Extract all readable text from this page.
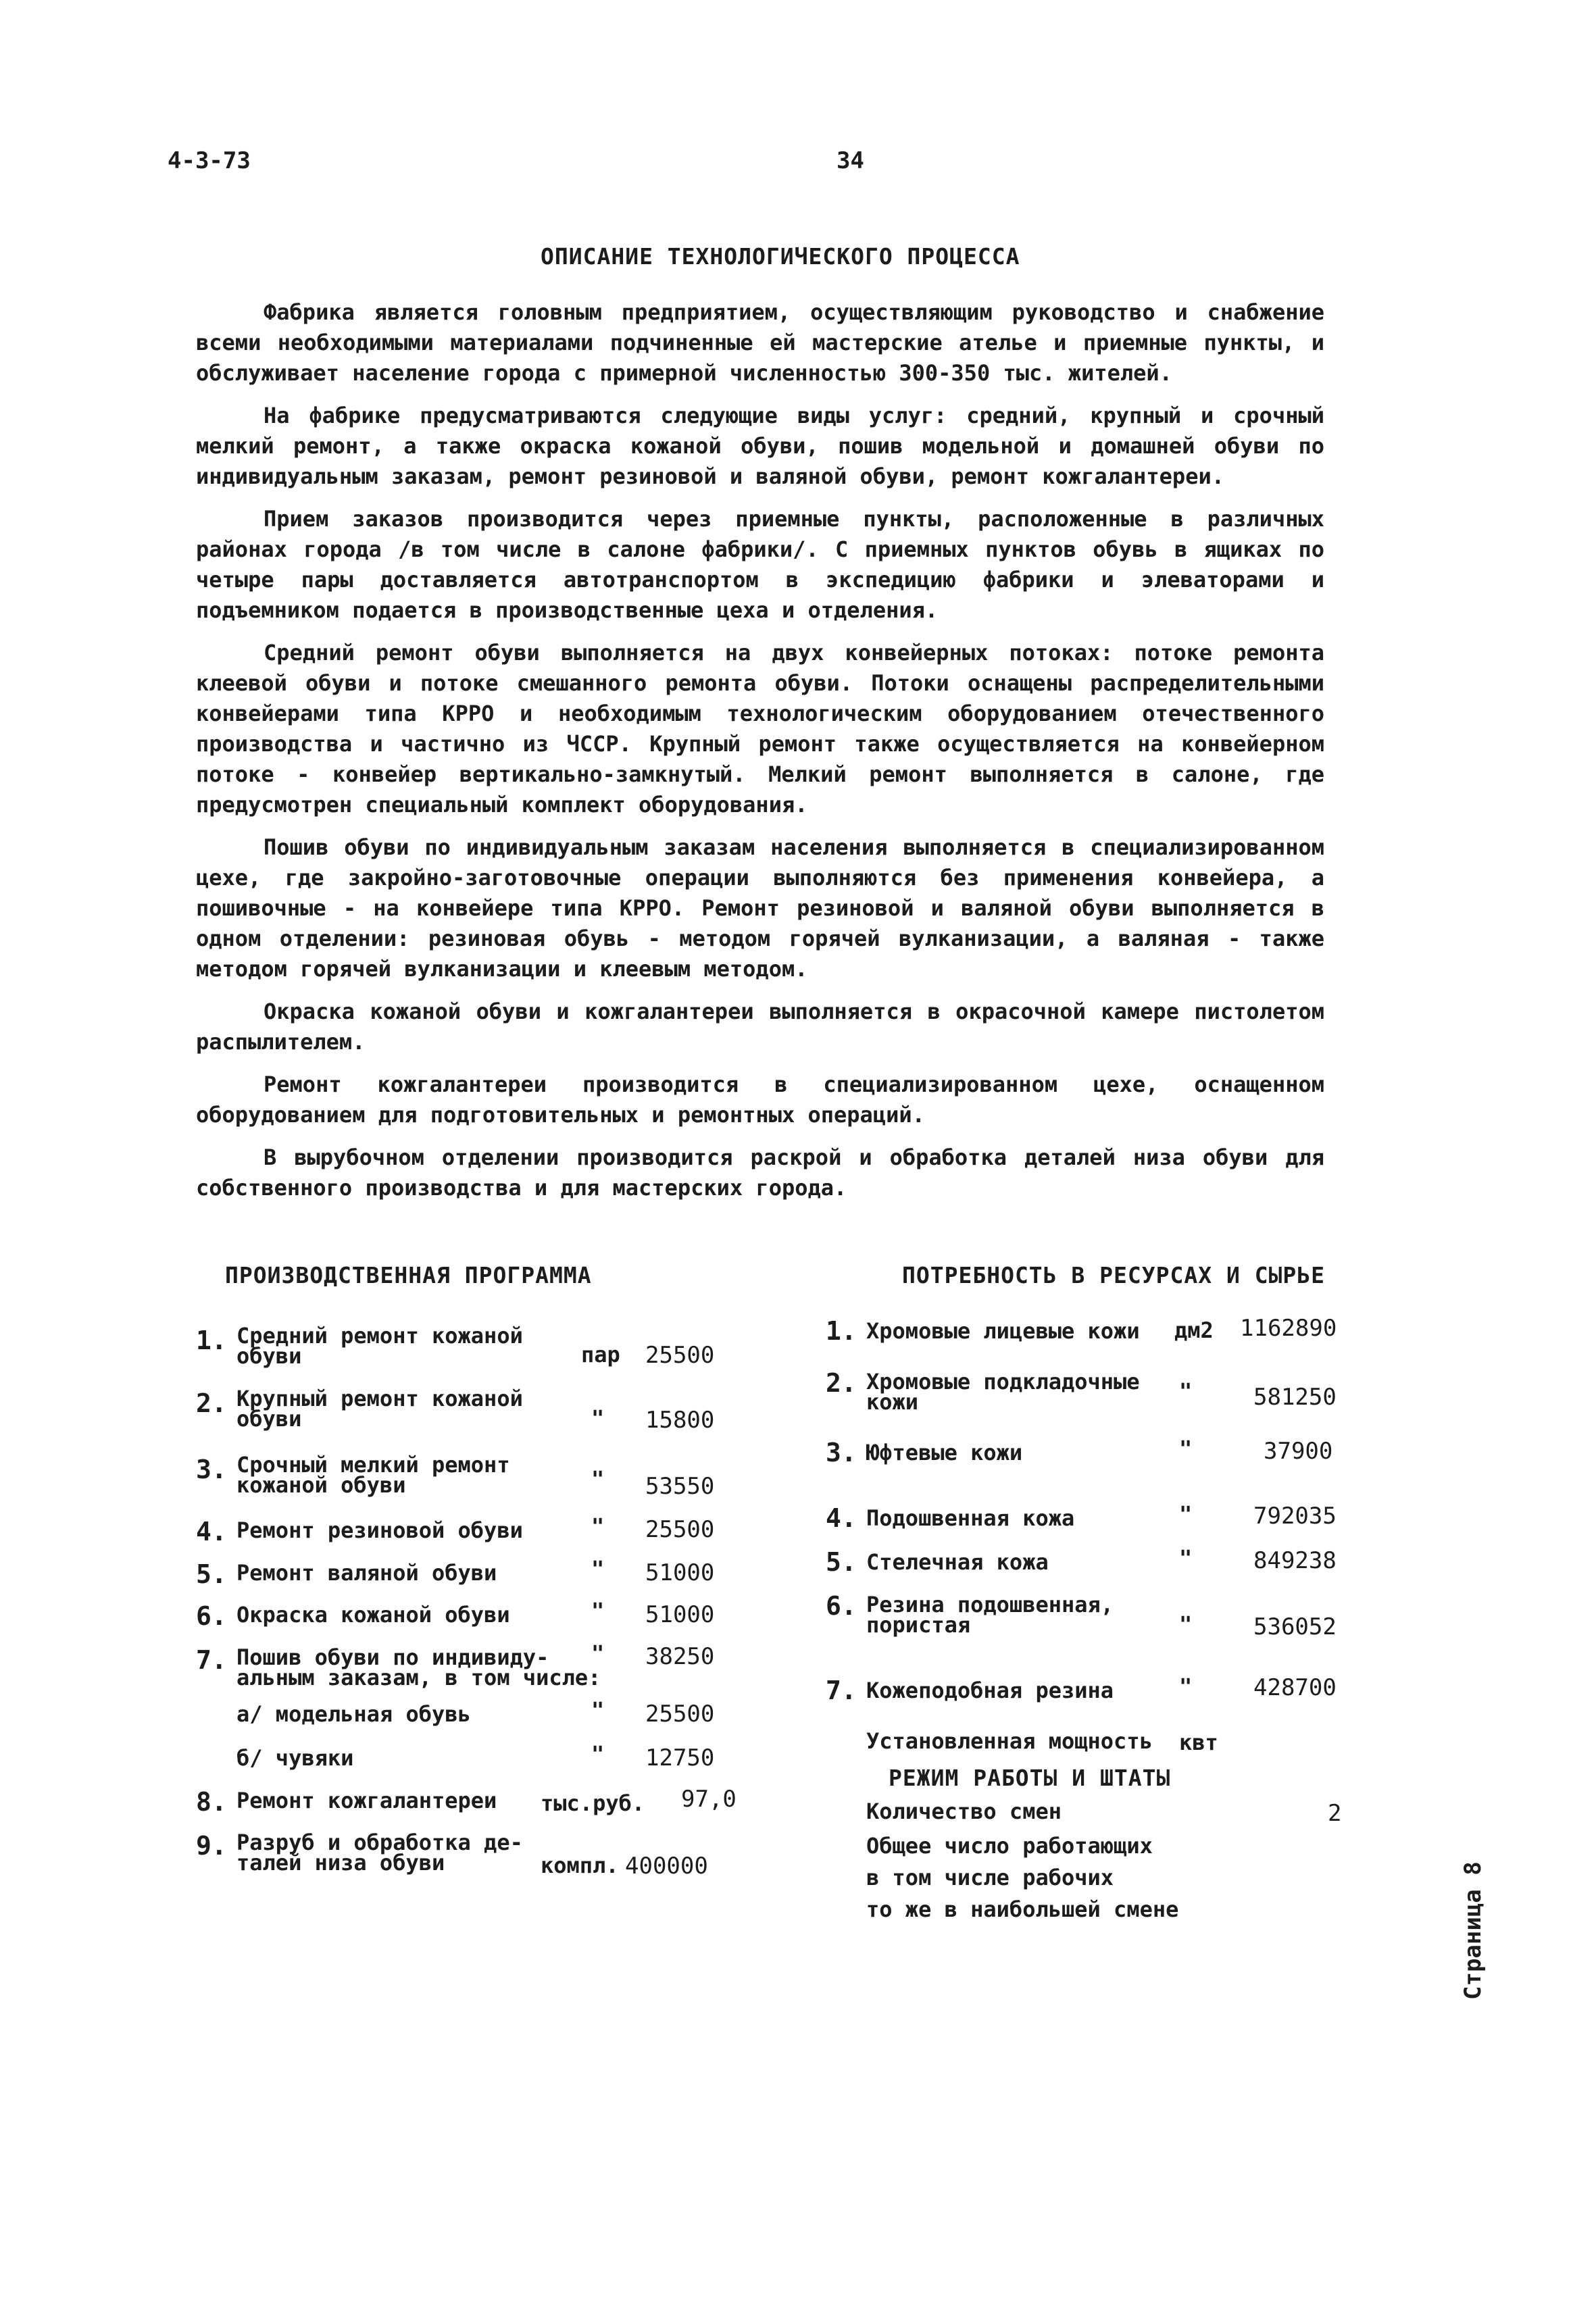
4-3-73	34
ОПИСАНИЕ ТЕХНОЛОГИЧЕСКОГО ПРОЦЕССА

Фабрика является головным предприятием, осуществляющим руководство и снабжение всеми необходимыми материалами подчиненные ей мастерские ателье и приемные пункты, и обслуживает население города с примерной численностью 300-350 тыс. жителей.

На фабрике предусматриваются следующие виды услуг: средний, крупный и срочный мелкий ремонт, а также окраска кожаной обуви, пошив модельной и домашней обуви по индивидуальным заказам, ремонт резиновой и валяной обуви, ремонт кожгалантереи.

Прием заказов производится через приемные пункты, расположенные в различных районах города /в том числе в салоне фабрики/. С приемных пунктов обувь в ящиках по четыре пары доставляется автотранспортом в экспедицию фабрики и элеваторами и подъемником подается в производственные цеха и отделения.

Средний ремонт обуви выполняется на двух конвейерных потоках: потоке ремонта клеевой обуви и потоке смешанного ремонта обуви. Потоки оснащены распределительными конвейерами типа КРРО и необходимым технологическим оборудованием отечественного производства и частично из ЧССР. Крупный ремонт также осуществляется на конвейерном потоке - конвейер вертикально-замкнутый. Мелкий ремонт выполняется в салоне, где предусмотрен специальный комплект оборудования.

Пошив обуви по индивидуальным заказам населения выполняется в специализированном цехе, где закройно-заготовочные операции выполняются без применения конвейера, а пошивочные - на конвейере типа КРРО. Ремонт резиновой и валяной обуви выполняется в одном отделении: резиновая обувь - методом горячей вулканизации, а валяная - также методом горячей вулканизации и клеевым методом.

Окраска кожаной обуви и кожгалантереи выполняется в окрасочной камере пистолетом распылителем.

Ремонт кожгалантереи производится в специализированном цехе, оснащенном оборудованием для подготовительных и ремонтных операций.

В вырубочном отделении производится раскрой и обработка деталей низа обуви для собственного производства и для мастерских города.

ПРОИЗВОДСТВЕННАЯ ПРОГРАММА
1. Средний ремонт кожаной
обуви	пар 25500
2. Крупный ремонт кожаной
обуви	" 15800
3. Срочный мелкий ремонт
кожаной обуви	" 53550
4. Ремонт резиновой обуви	" 25500
5. Ремонт валяной обуви	" 51000
6. Окраска кожаной обуви	" 51000
7. Пошив обуви по индивиду-
альным заказам, в том числе:
" 38250
а/ модельная обувь	" 25500
б/ чувяки	" 12750
8. Ремонт кожгалантереи тыс.руб. 97,0
9. Разруб и обработка де-
талей низа обуви	компл. 400000
ПОТРЕБНОСТЬ В РЕСУРСАХ И СЫРЬЕ
1. Хромовые лицевые кожи дм2 1162890
2. Хромовые подкладочные
кожи	"	581250
3. Юфтевые кожи	"	37900
4. Подошвенная кожа	"	792035
5. Стелечная кожа	"	849238
6. Резина подошвенная,
пористая	"	536052
7. Кожеподобная резина	"	428700
Установленная мощность квт
РЕЖИМ РАБОТЫ И ШТАТЫ
Количество смен	2
Общее число работающих
в том числе рабочих
то же в наибольшей смене	Страница 8
